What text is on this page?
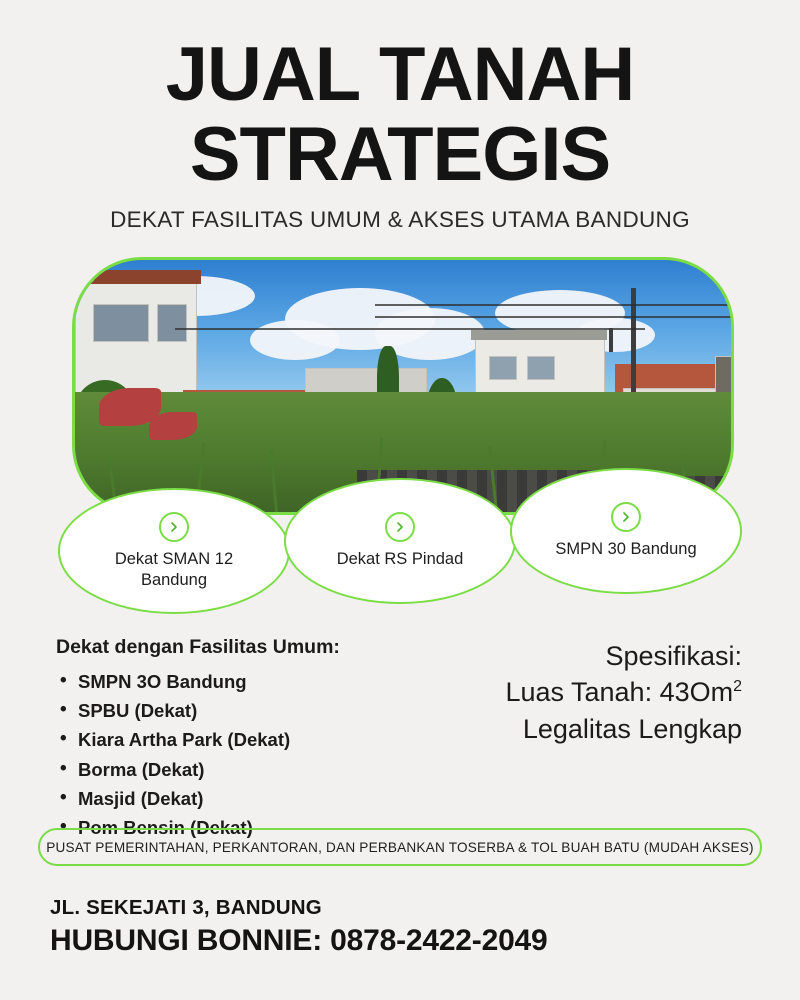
JUAL TANAH
STRATEGIS
DEKAT FASILITAS UMUM & AKSES UTAMA BANDUNG
Dekat SMAN 12 Bandung
Dekat RS Pindad
SMPN 30 Bandung
Dekat dengan Fasilitas Umum:
• SMPN 3O Bandung
• SPBU (Dekat)
• Kiara Artha Park (Dekat)
• Borma (Dekat)
• Masjid (Dekat)
• Pom Bensin (Dekat)
Spesifikasi:
Luas Tanah: 43Om$^2$
Legalitas Lengkap
PUSAT PEMERINTAHAN, PERKANTORAN, DAN PERBANKAN TOSERBA & TOL BUAH BATU (MUDAH AKSES)
JL. SEKEJATI 3, BANDUNG
HUBUNGI BONNIE: 0878-2422-2049
